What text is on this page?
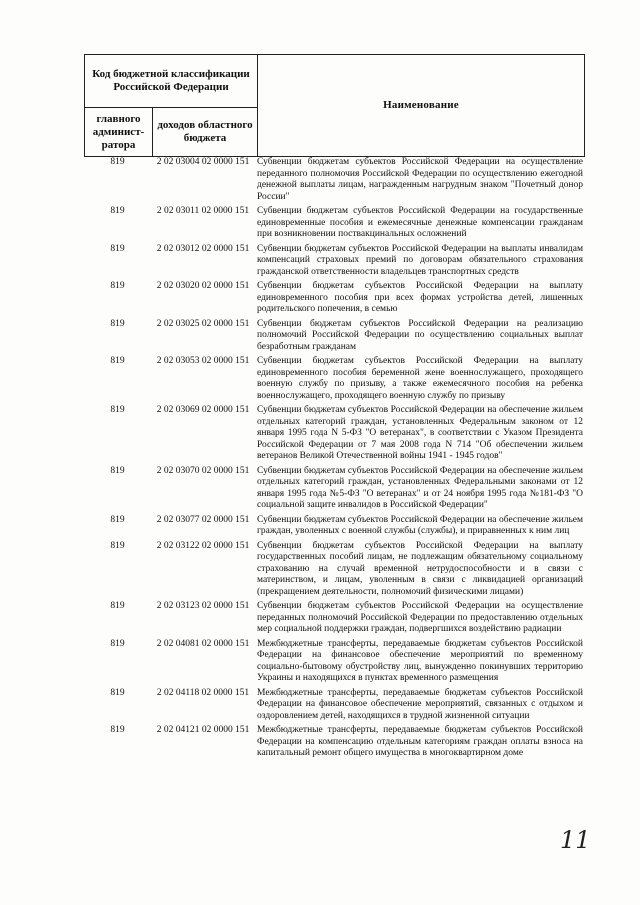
Код бюджетной классификации Российской Федерации		Наименование
главного админист-ратора	доходов областного бюджета	
819	2 02 03004 02 0000 151 Субвенции бюджетам субъектов Российской Федерации на осуществление переданного полномочия Российской Федерации по осуществлению ежегодной денежной выплаты лицам, награжденным нагрудным знаком "Почетный донор России"
819	2 02 03011 02 0000 151 Субвенции бюджетам субъектов Российской Федерации на государственные единовременные пособия и ежемесячные денежные компенсации гражданам при возникновении поствакцинальных осложнений
819	2 02 03012 02 0000 151 Субвенции бюджетам субъектов Российской Федерации на выплаты инвалидам компенсаций страховых премий по договорам обязательного страхования гражданской ответственности владельцев транспортных средств
819	2 02 03020 02 0000 151 Субвенции бюджетам субъектов Российской Федерации на выплату единовременного пособия при всех формах устройства детей, лишенных родительского попечения, в семью
819	2 02 03025 02 0000 151 Субвенции бюджетам субъектов Российской Федерации на реализацию полномочий Российской Федерации по осуществлению социальных выплат безработным гражданам
819	2 02 03053 02 0000 151 Субвенции бюджетам субъектов Российской Федерации на выплату единовременного пособия беременной жене военнослужащего, проходящего военную службу по призыву, а также ежемесячного пособия на ребенка военнослужащего, проходящего военную службу по призыву
819	2 02 03069 02 0000 151 Субвенции бюджетам субъектов Российской Федерации на обеспечение жильем отдельных категорий граждан, установленных Федеральным законом от 12 января 1995 года N 5-ФЗ "О ветеранах", в соответствии с Указом Президента Российской Федерации от 7 мая 2008 года N 714 "Об обеспечении жильем ветеранов Великой Отечественной войны 1941 - 1945 годов"
819	2 02 03070 02 0000 151 Субвенции бюджетам субъектов Российской Федерации на обеспечение жильем отдельных категорий граждан, установленных Федеральными законами от 12 января 1995 года №5-ФЗ "О ветеранах" и от 24 ноября 1995 года №181-ФЗ "О социальной защите инвалидов в Российской Федерации"
819	2 02 03077 02 0000 151 Субвенции бюджетам субъектов Российской Федерации на обеспечение жильем граждан, уволенных с военной службы (службы), и приравненных к ним лиц
819	2 02 03122 02 0000 151 Субвенции бюджетам субъектов Российской Федерации на выплату государственных пособий лицам, не подлежащим обязательному социальному страхованию на случай временной нетрудоспособности и в связи с материнством, и лицам, уволенным в связи с ликвидацией организаций (прекращением деятельности, полномочий физическими лицами)
819	2 02 03123 02 0000 151 Субвенции бюджетам субъектов Российской Федерации на осуществление переданных полномочий Российской Федерации по предоставлению отдельных мер социальной поддержки граждан, подвергшихся воздействию радиации
819	2 02 04081 02 0000 151 Межбюджетные трансферты, передаваемые бюджетам субъектов Российской Федерации на финансовое обеспечение мероприятий по временному социально-бытовому обустройству лиц, вынужденно покинувших территорию Украины и находящихся в пунктах временного размещения
819	2 02 04118 02 0000 151 Межбюджетные трансферты, передаваемые бюджетам субъектов Российской Федерации на финансовое обеспечение мероприятий, связанных с отдыхом и оздоровлением детей, находящихся в трудной жизненной ситуации
819	2 02 04121 02 0000 151 Межбюджетные трансферты, передаваемые бюджетам субъектов Российской Федерации на компенсацию отдельным категориям граждан оплаты взноса на капитальный ремонт общего имущества в многоквартирном доме
11
